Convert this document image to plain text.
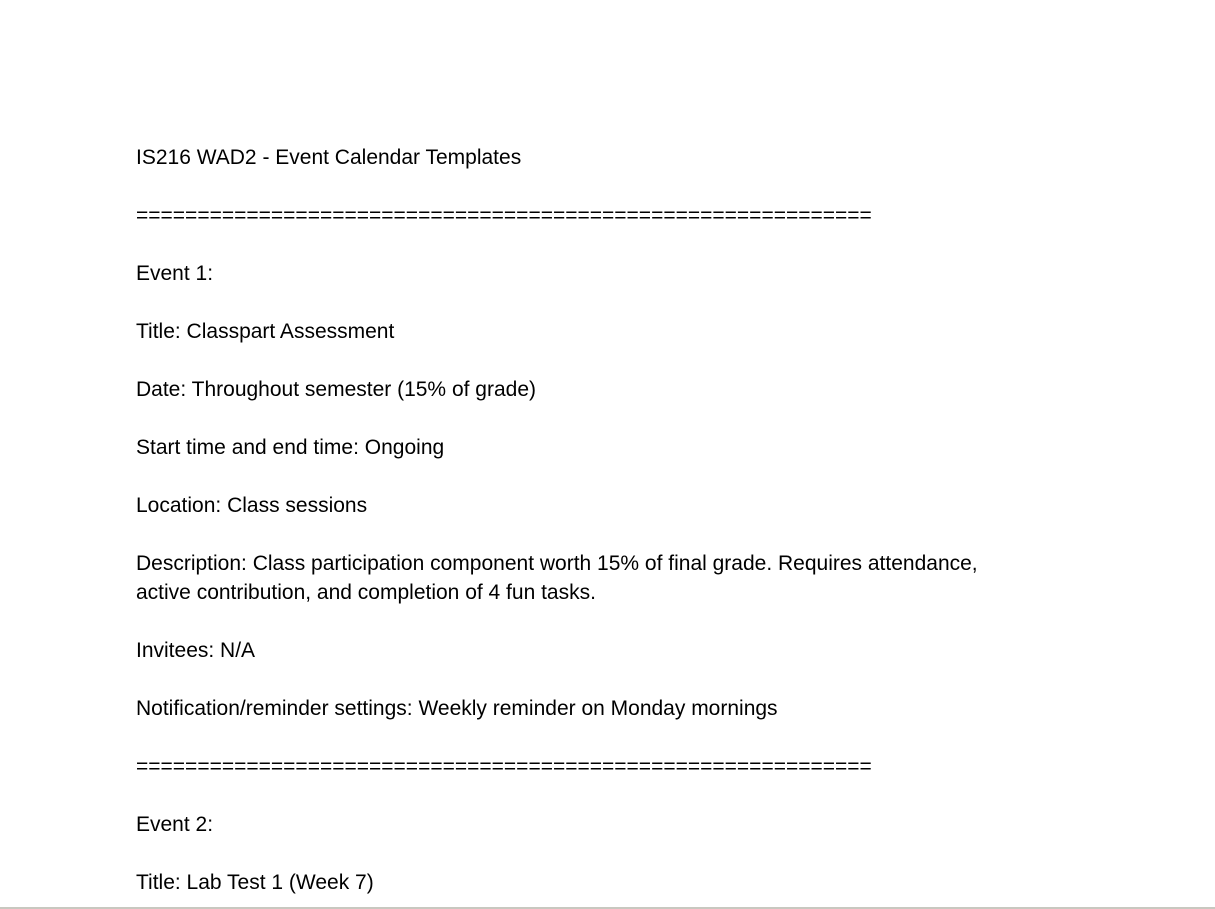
IS216 WAD2 - Event Calendar Templates

============================================================

Event 1:

Title: Classpart Assessment

Date: Throughout semester (15% of grade)

Start time and end time: Ongoing

Location: Class sessions

Description: Class participation component worth 15% of final grade. Requires attendance, active contribution, and completion of 4 fun tasks.

Invitees: N/A

Notification/reminder settings: Weekly reminder on Monday mornings

============================================================

Event 2:

Title: Lab Test 1 (Week 7)
